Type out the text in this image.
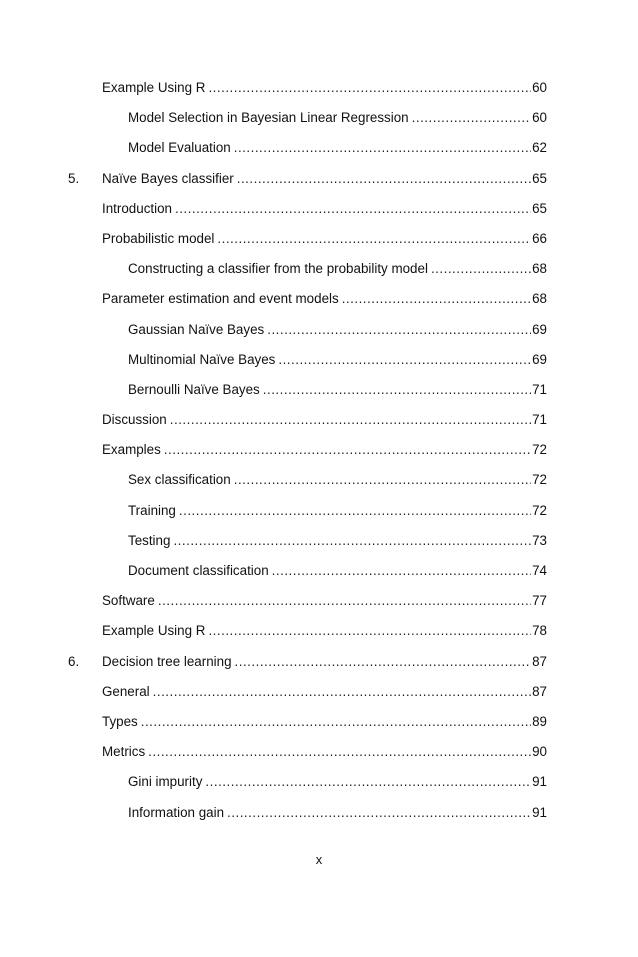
Example Using R .....	60
Model Selection in Bayesian Linear Regression .....	60
Model Evaluation .....	62
5. Naïve Bayes classifier .....	65
Introduction .....	65
Probabilistic model .....	66
Constructing a classifier from the probability model .....	68
Parameter estimation and event models .....	68
Gaussian Naïve Bayes .....	69
Multinomial Naïve Bayes .....	69
Bernoulli Naïve Bayes .....	71
Discussion .....	71
Examples .....	72
Sex classification .....	72
Training .....	72
Testing .....	73
Document classification .....	74
Software .....	77
Example Using R .....	78
6. Decision tree learning .....	87
General .....	87
Types .....	89
Metrics .....	90
Gini impurity .....	91
Information gain .....	91
x
